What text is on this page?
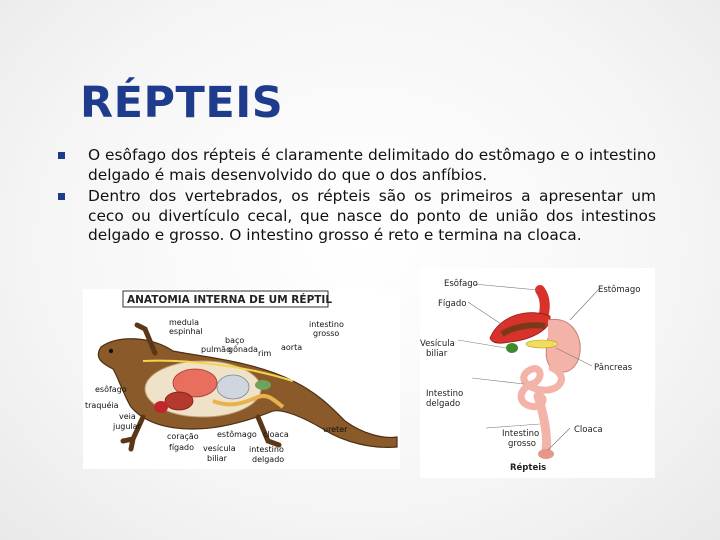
RÉPTEIS
O esôfago dos répteis é claramente delimitado do estômago e o intestino delgado é mais desenvolvido do que o dos anfíbios.
Dentro dos vertebrados, os répteis são os primeiros a apresentar um ceco ou divertículo cecal, que nasce do ponto de união dos intestinos delgado e grosso. O intestino grosso é reto e termina na cloaca.
ANATOMIA INTERNA DE UM RÉPTIL
medula
espinhal
intestino
grosso
baço
pulmão
gônada rim
aorta
esôfago
traquéia
veia
jugular	ureter
coração estômago cloaca
fígado vesícula
biliar
intestino
delgado
Esôfago
Fígado
Estômago
Vesícula
biliar
Pâncreas
Intestino
delgado
Intestino
grosso
Cloaca
Répteis
